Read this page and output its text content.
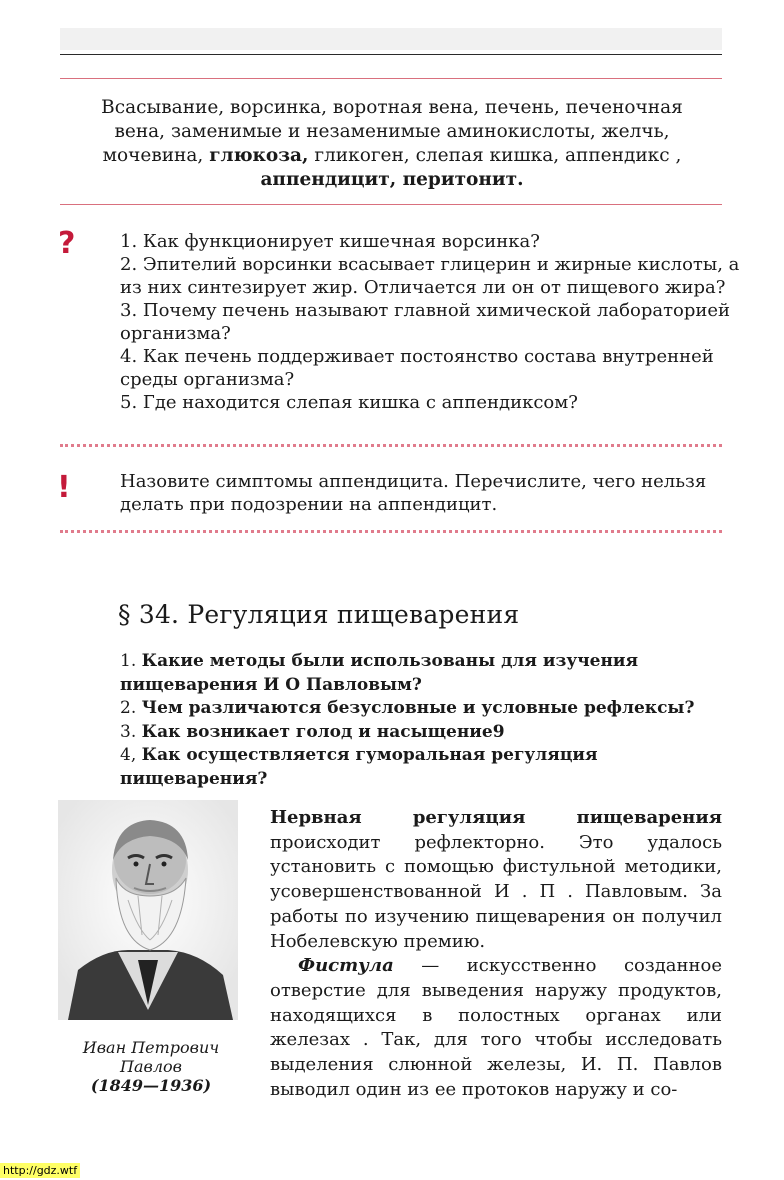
Всасывание, ворсинка, воротная вена, печень, печеночная
вена, заменимые и незаменимые аминокислоты, желчь,
мочевина, глюкоза, гликоген, слепая кишка, аппендикс ,
аппендицит, перитонит.
? 1. Как функционирует кишечная ворсинка?

2. Эпителий ворсинки всасывает глицерин и жирные кислоты, а из них синтезирует жир. Отличается ли он от пищевого жира?

3. Почему печень называют главной химической лабораторией организма?

4. Как печень поддерживает постоянство состава внутренней среды организма?

5. Где находится слепая кишка с аппендиксом?

!	Назовите симптомы аппендицита. Перечислите, чего нельзя делать при подозрении на аппендицит.
§ 34. Регуляция пищеварения

1. Какие методы были использованы для изучения пищеварения И О Павловым?

2. Чем различаются безусловные и условные рефлексы?

3. Как возникает голод и насыщение9

4, Как осуществляется гуморальная регуляция пищеварения?

Иван Петрович
Павлов
(1849—1936)

Нервная регуляция пищеварения происходит рефлекторно. Это удалось установить с помощью фистульной методики, усовершенствованной И . П . Павловым. За работы по изучению пищеварения он получил Нобелевскую премию.

Фистула — искусственно созданное отверстие для выведения наружу продуктов, находящихся в полостных органах или железах . Так, для того чтобы исследовать выделения слюнной железы, И. П. Павлов выводил один из ее протоков наружу и со-

http://gdz.wtf
